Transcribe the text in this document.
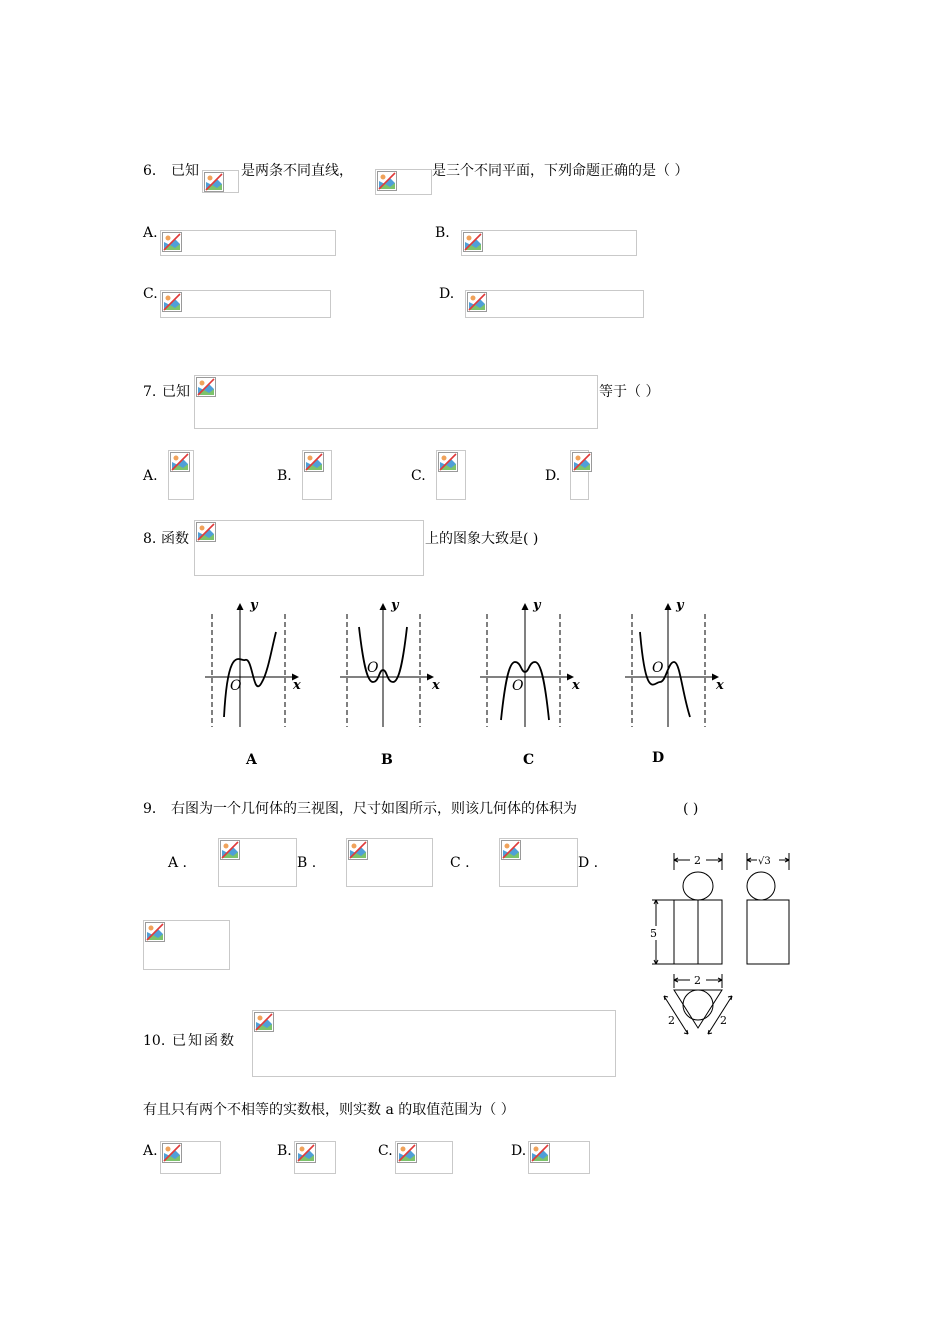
6． 已知	是两条不同直线，	是三个不同平面，下列命题正确的是（ ）
A.	B.
C.	D.
7. 已知	等于（ ）
A.	B.	C.	D.
8. 函数	上的图象大致是( )
y
x
O
A
y
x
O
B
y
x
O
C
y
x
O
D
9． 右图为一个几何体的三视图，尺寸如图所示，则该几何体的体积为	( )
A .	B .	C .	D .	2
5
√3
2
2	2
10. 已知函数
有且只有两个不相等的实数根，则实数 a 的取值范围为（ ）
A.	B.	C.	D.
